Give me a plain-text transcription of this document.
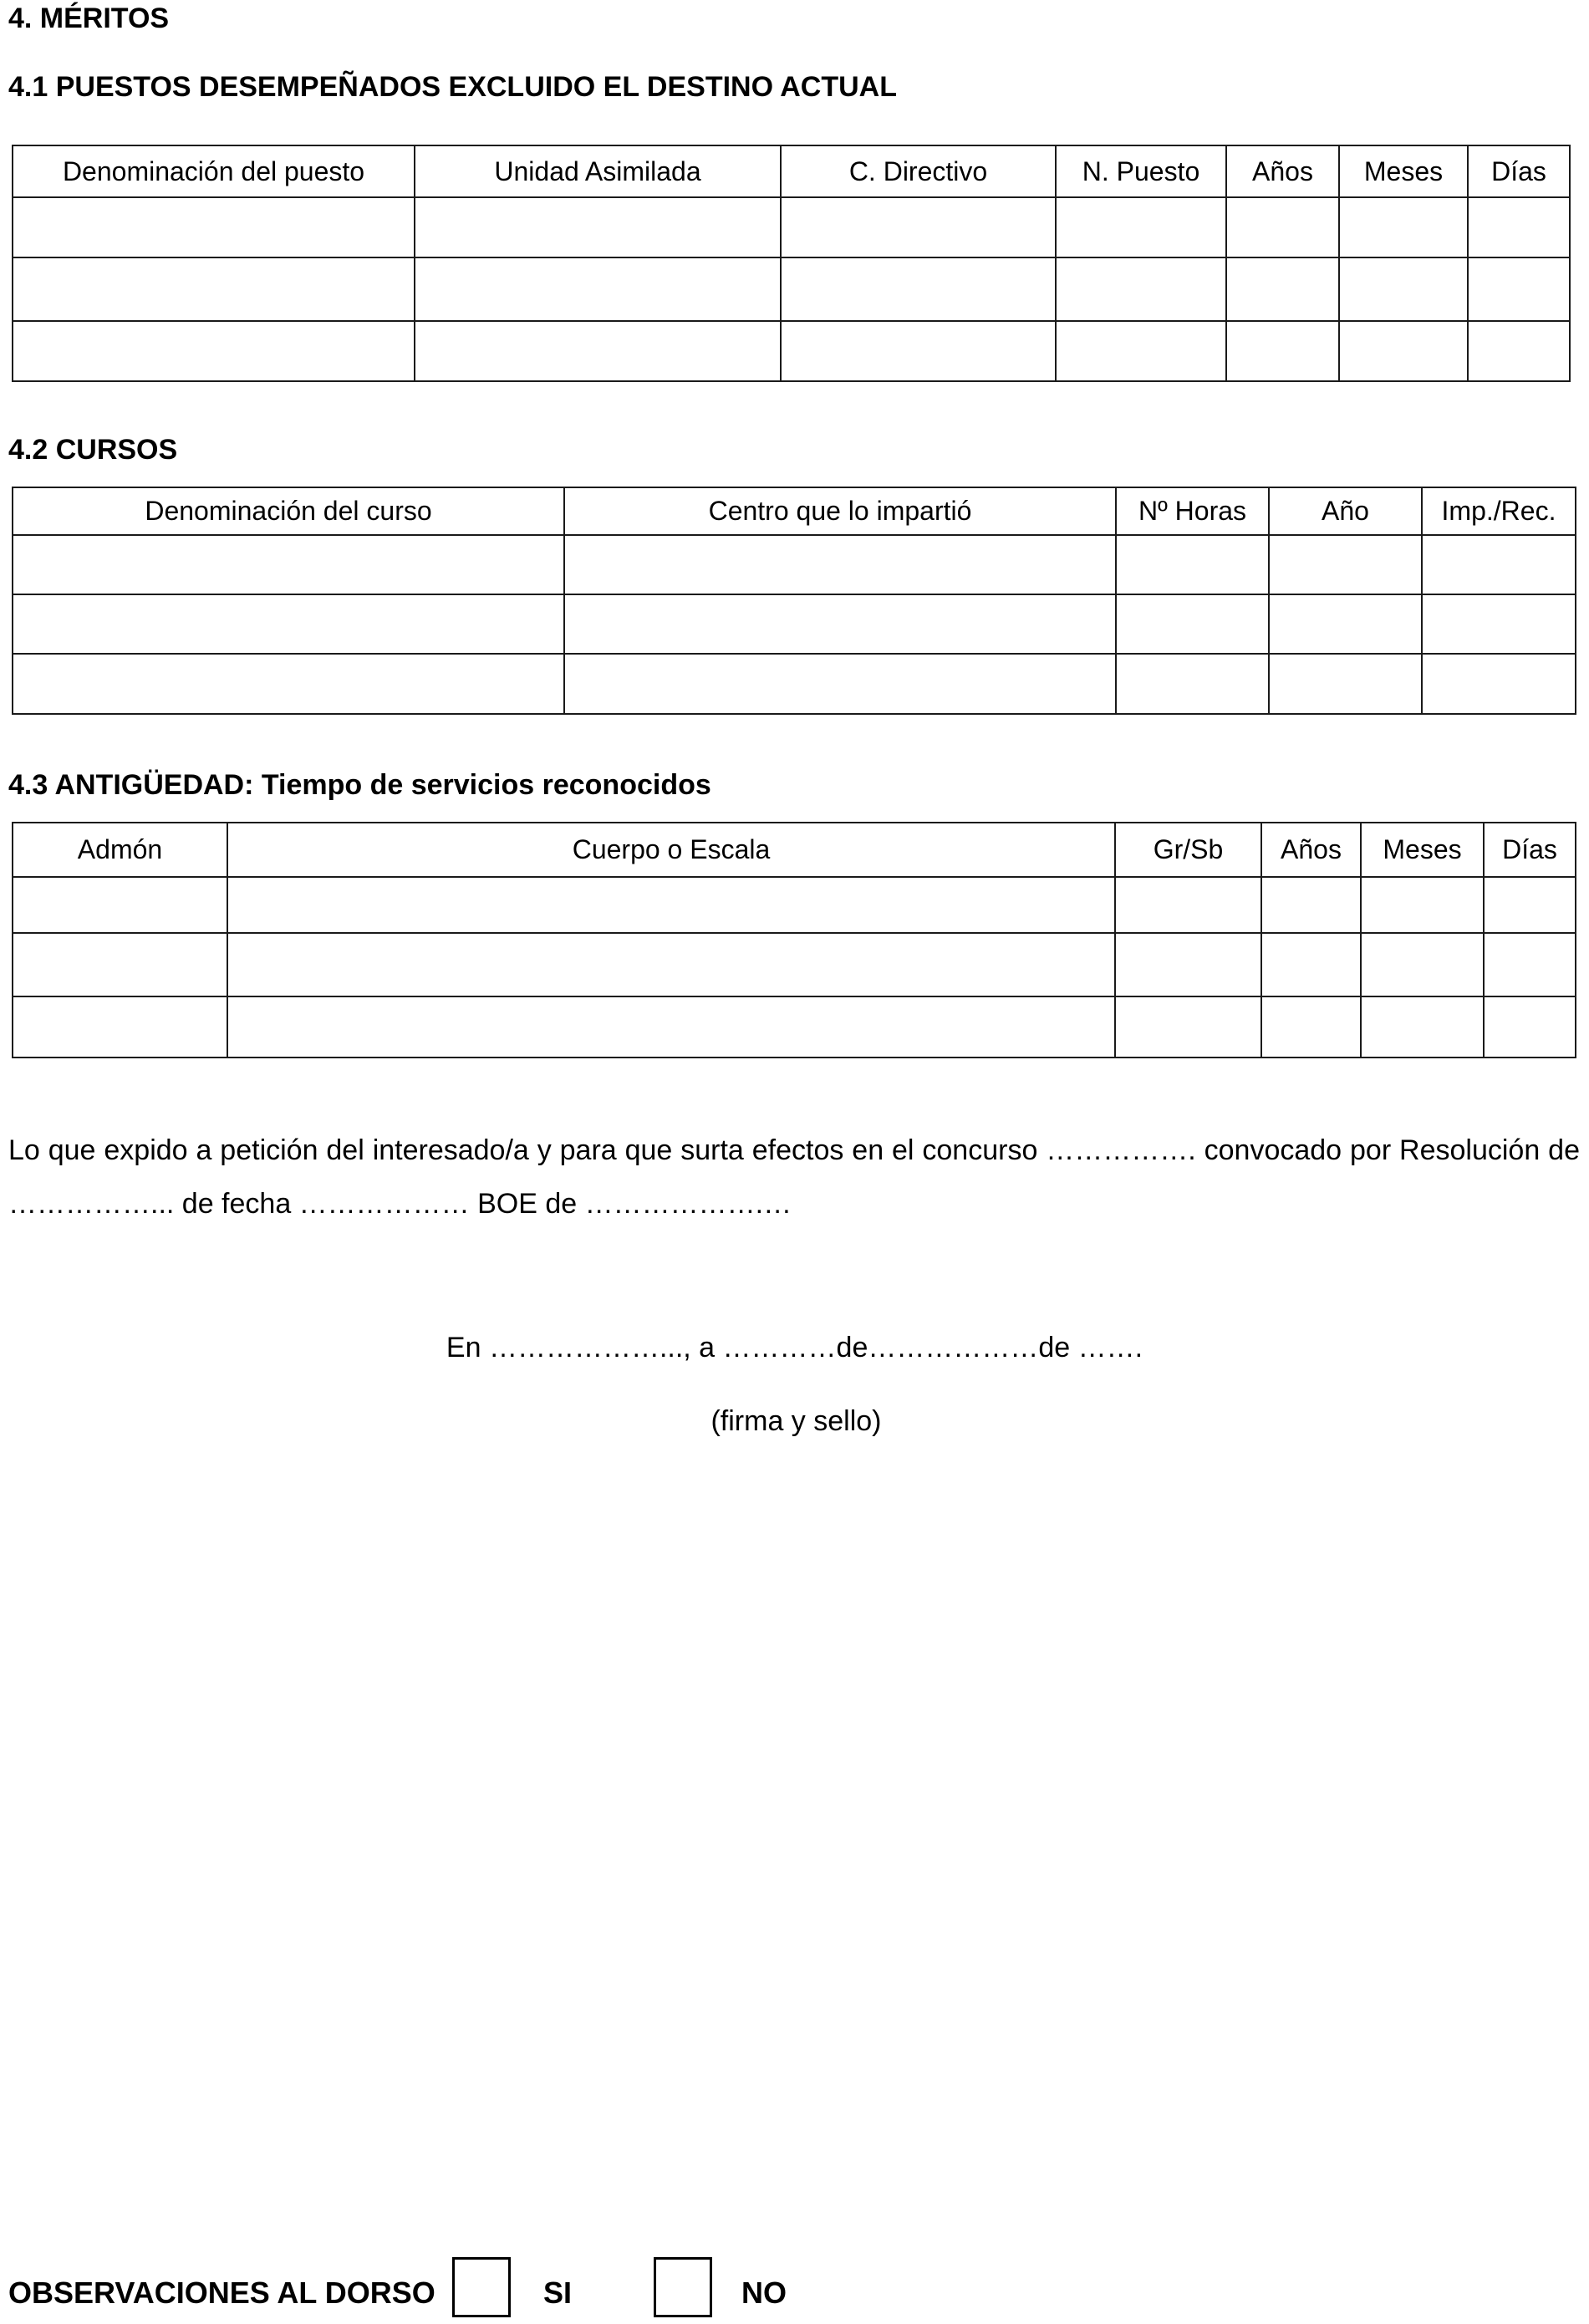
4. MÉRITOS
4.1 PUESTOS DESEMPEÑADOS EXCLUIDO EL DESTINO ACTUAL
Denominación del puesto	Unidad Asimilada	C. Directivo	N. Puesto	Años	Meses	Días

4.2 CURSOS
Denominación del curso	Centro que lo impartió	Nº Horas	Año	Imp./Rec.

4.3 ANTIGÜEDAD: Tiempo de servicios reconocidos
Admón	Cuerpo o Escala	Gr/Sb	Años	Meses	Días

Lo que expido a petición del interesado/a y para que surta efectos en el concurso ……………. convocado por Resolución de ……………... de fecha ……………… BOE de ……………….…

En ………………..., a …………de………………de …….

(firma y sello)

OBSERVACIONES AL DORSO	SI	NO
